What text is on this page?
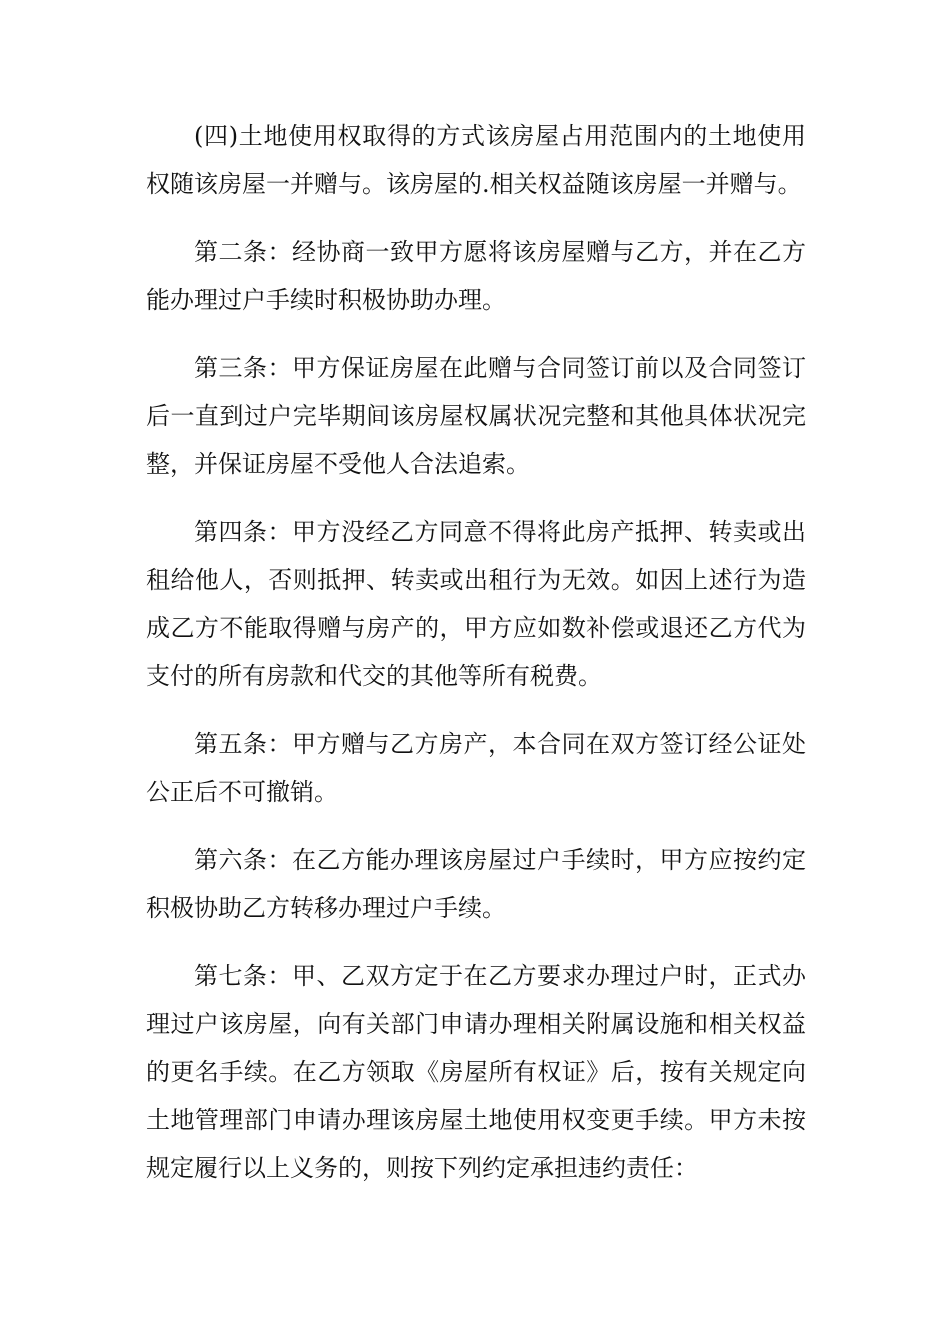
(四)土地使用权取得的方式该房屋占用范围内的土地使用权随该房屋一并赠与。该房屋的.相关权益随该房屋一并赠与。

第二条：经协商一致甲方愿将该房屋赠与乙方，并在乙方能办理过户手续时积极协助办理。

第三条：甲方保证房屋在此赠与合同签订前以及合同签订后一直到过户完毕期间该房屋权属状况完整和其他具体状况完整，并保证房屋不受他人合法追索。

第四条：甲方没经乙方同意不得将此房产抵押、转卖或出租给他人，否则抵押、转卖或出租行为无效。如因上述行为造成乙方不能取得赠与房产的，甲方应如数补偿或退还乙方代为支付的所有房款和代交的其他等所有税费。

第五条：甲方赠与乙方房产，本合同在双方签订经公证处公正后不可撤销。

第六条：在乙方能办理该房屋过户手续时，甲方应按约定积极协助乙方转移办理过户手续。

第七条：甲、乙双方定于在乙方要求办理过户时，正式办理过户该房屋，向有关部门申请办理相关附属设施和相关权益的更名手续。在乙方领取《房屋所有权证》后，按有关规定向土地管理部门申请办理该房屋土地使用权变更手续。甲方未按规定履行以上义务的，则按下列约定承担违约责任：
